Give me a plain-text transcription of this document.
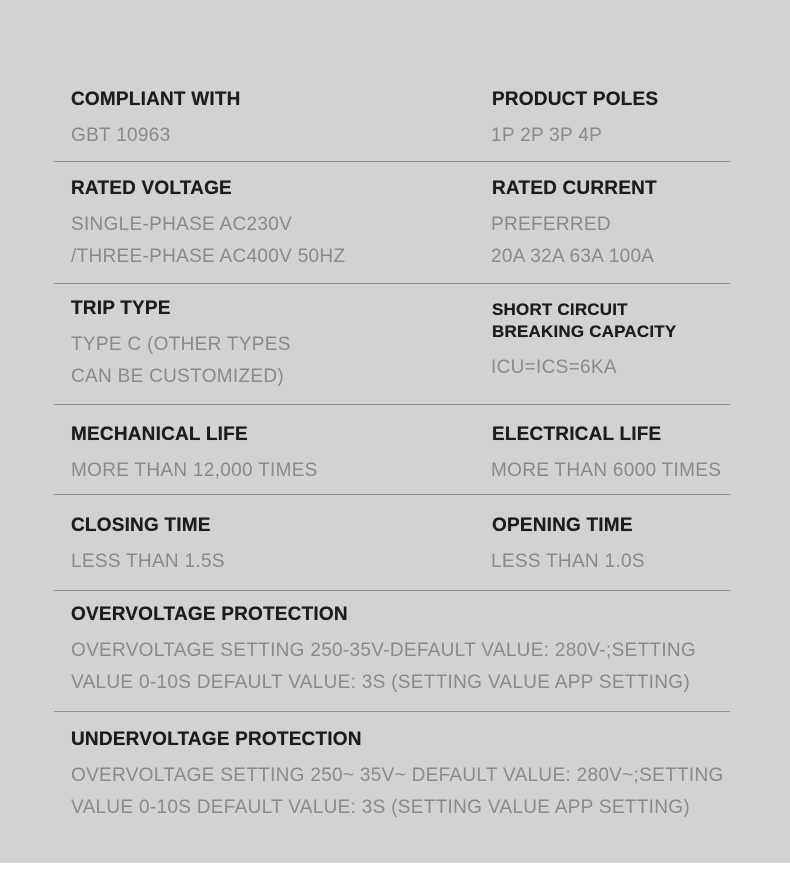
COMPLIANT WITH
GBT 10963
PRODUCT POLES
1P 2P 3P 4P
RATED VOLTAGE
SINGLE-PHASE AC230V
/THREE-PHASE AC400V 50HZ
RATED CURRENT
PREFERRED
20A 32A 63A 100A
TRIP TYPE
TYPE C (OTHER TYPES
CAN BE CUSTOMIZED)
SHORT CIRCUIT
BREAKING CAPACITY
ICU=ICS=6KA
MECHANICAL LIFE
MORE THAN 12,000 TIMES
ELECTRICAL LIFE
MORE THAN 6000 TIMES
CLOSING TIME
LESS THAN 1.5S
OPENING TIME
LESS THAN 1.0S
OVERVOLTAGE PROTECTION
OVERVOLTAGE SETTING 250-35V-DEFAULT VALUE: 280V-;SETTING
VALUE 0-10S DEFAULT VALUE: 3S (SETTING VALUE APP SETTING)
UNDERVOLTAGE PROTECTION
OVERVOLTAGE SETTING 250~ 35V~ DEFAULT VALUE: 280V~;SETTING
VALUE 0-10S DEFAULT VALUE: 3S (SETTING VALUE APP SETTING)
